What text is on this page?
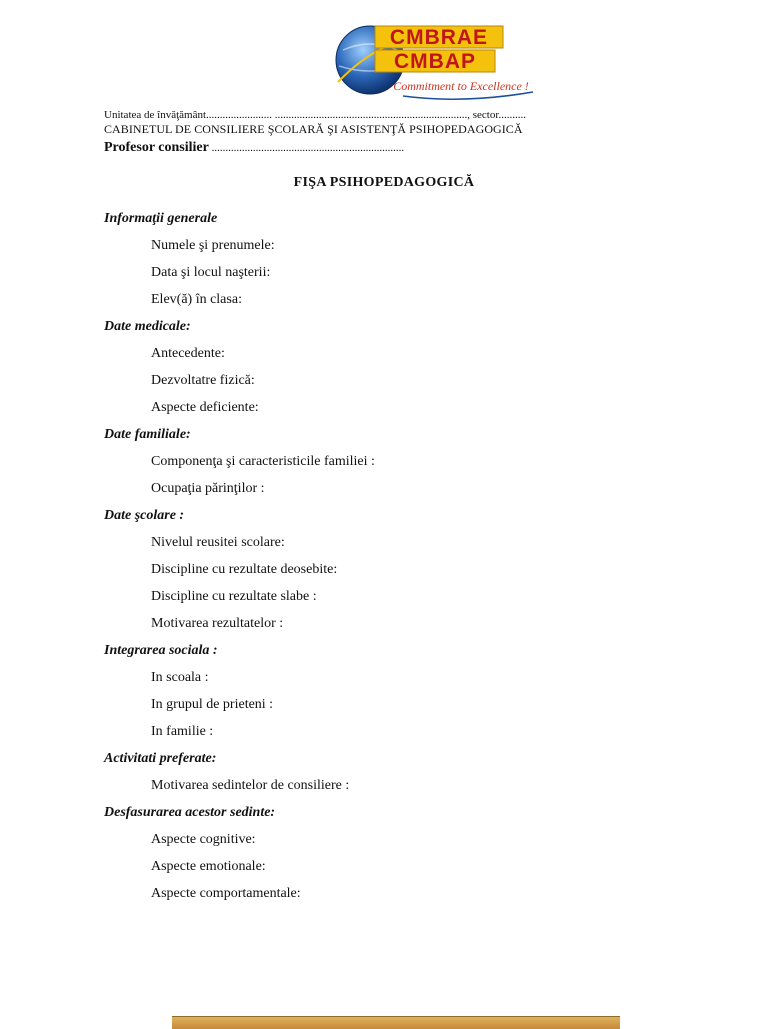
CMBRAE
CMBAP
Commitment to Excellence !
Unitatea de învăţământ........................ ......................................................................, sector..........
CABINETUL DE CONSILIERE ŞCOLARĂ ŞI ASISTENŢĂ PSIHOPEDAGOGICĂ
Profesor consilier ......................................................................
FIŞA PSIHOPEDAGOGICĂ
Informaţii generale
Numele şi prenumele:
Data şi locul naşterii:
Elev(ă) în clasa:
Date medicale:
Antecedente:
Dezvoltatre fizică:
Aspecte deficiente:
Date familiale:
Componenţa şi caracteristicile familiei :
Ocupaţia părinţilor :
Date şcolare :
Nivelul reusitei scolare:
Discipline cu rezultate deosebite:
Discipline cu rezultate slabe :
Motivarea rezultatelor :
Integrarea sociala :
In scoala :
In grupul de prieteni :
In familie :
Activitati preferate:
Motivarea sedintelor de consiliere :
Desfasurarea acestor sedinte:
Aspecte cognitive:
Aspecte emotionale:
Aspecte comportamentale:
